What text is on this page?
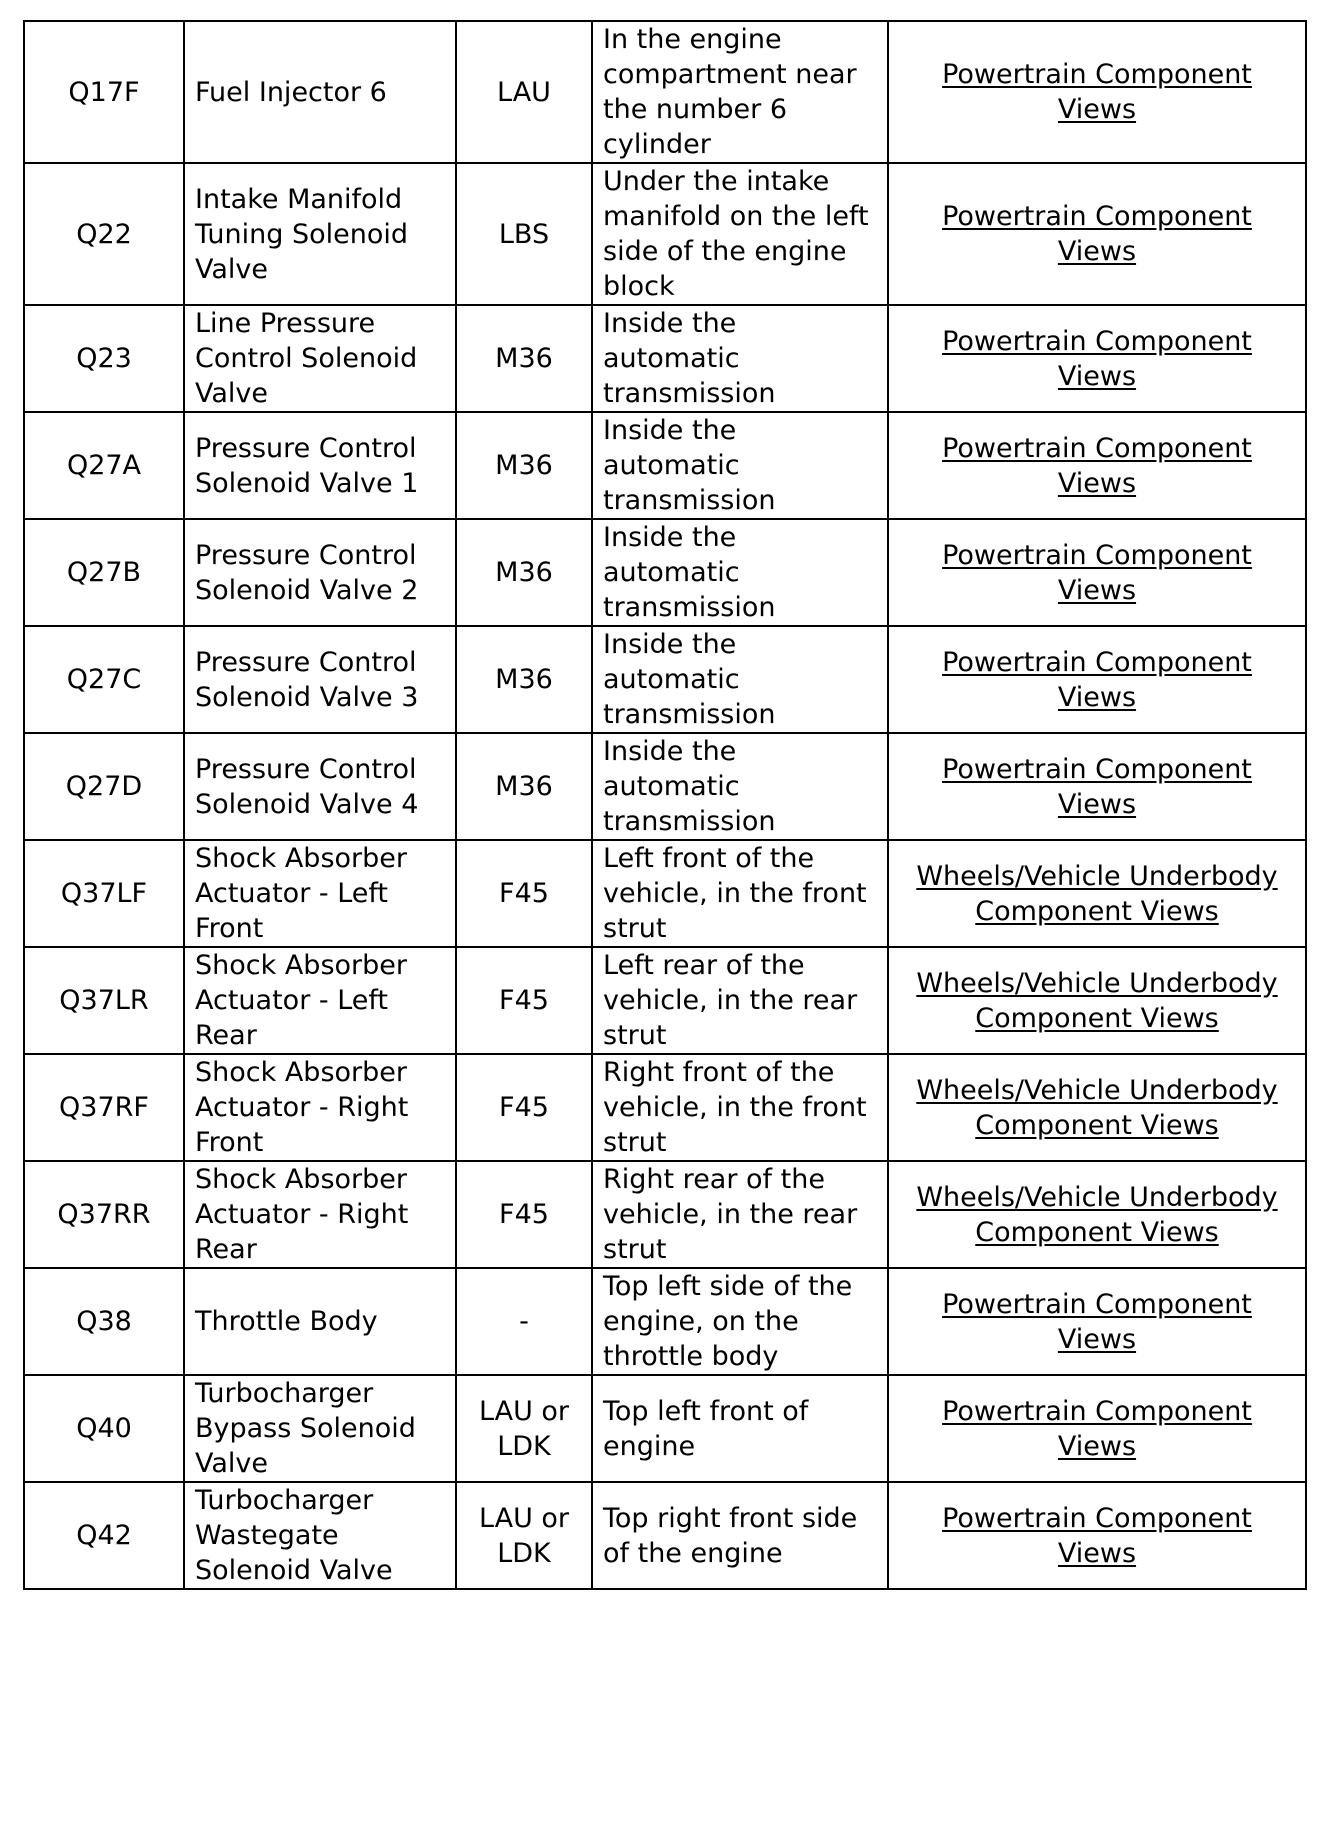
Q17F	Fuel Injector 6	LAU	In the engine compartment near the number 6 cylinder	Powertrain Component Views

Q22	Intake Manifold Tuning Solenoid Valve	LBS	Under the intake manifold on the left side of the engine block	Powertrain Component Views

Q23	Line Pressure Control Solenoid Valve	M36	Inside the automatic transmission	Powertrain Component Views

Q27A	Pressure Control Solenoid Valve 1	M36	Inside the automatic transmission	Powertrain Component Views

Q27B	Pressure Control Solenoid Valve 2	M36	Inside the automatic transmission	Powertrain Component Views

Q27C	Pressure Control Solenoid Valve 3	M36	Inside the automatic transmission	Powertrain Component Views

Q27D	Pressure Control Solenoid Valve 4	M36	Inside the automatic transmission	Powertrain Component Views

Q37LF	Shock Absorber Actuator - Left Front	F45	Left front of the vehicle, in the front strut	Wheels/Vehicle Underbody Component Views

Q37LR	Shock Absorber Actuator - Left Rear	F45	Left rear of the vehicle, in the rear strut	Wheels/Vehicle Underbody Component Views

Q37RF	Shock Absorber Actuator - Right Front	F45	Right front of the vehicle, in the front strut	Wheels/Vehicle Underbody Component Views

Q37RR	Shock Absorber Actuator - Right Rear	F45	Right rear of the vehicle, in the rear strut	Wheels/Vehicle Underbody Component Views

Q38	Throttle Body	-	Top left side of the engine, on the throttle body	Powertrain Component Views

Q40	Turbocharger Bypass Solenoid Valve	LAU or LDK	Top left front of engine	Powertrain Component Views

Q42	Turbocharger Wastegate Solenoid Valve	LAU or LDK	Top right front side of the engine	Powertrain Component Views
